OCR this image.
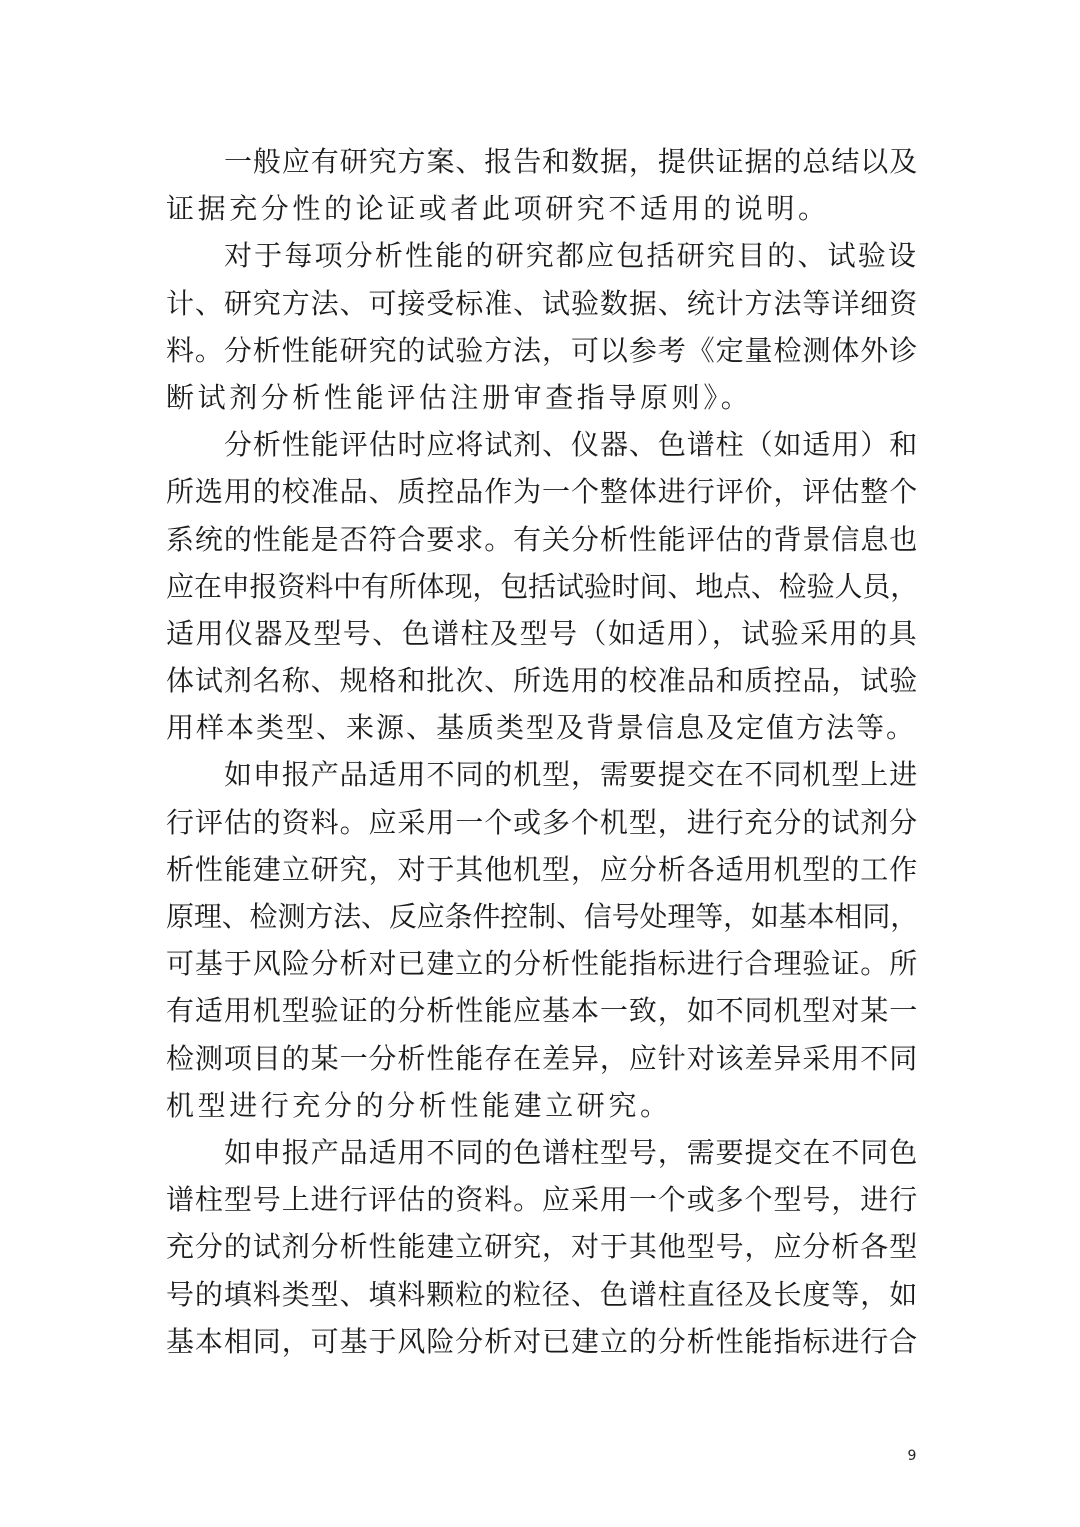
一般应有研究方案、报告和数据，提供证据的总结以及
证据充分性的论证或者此项研究不适用的说明。
对于每项分析性能的研究都应包括研究目的、试验设
计、研究方法、可接受标准、试验数据、统计方法等详细资
料。分析性能研究的试验方法，可以参考《定量检测体外诊
断试剂分析性能评估注册审查指导原则》。
分析性能评估时应将试剂、仪器、色谱柱（如适用）和
所选用的校准品、质控品作为一个整体进行评价，评估整个
系统的性能是否符合要求。有关分析性能评估的背景信息也
应在申报资料中有所体现，包括试验时间、地点、检验人员，
适用仪器及型号、色谱柱及型号（如适用），试验采用的具
体试剂名称、规格和批次、所选用的校准品和质控品，试验
用样本类型、来源、基质类型及背景信息及定值方法等。
如申报产品适用不同的机型，需要提交在不同机型上进
行评估的资料。应采用一个或多个机型，进行充分的试剂分
析性能建立研究，对于其他机型，应分析各适用机型的工作
原理、检测方法、反应条件控制、信号处理等，如基本相同，
可基于风险分析对已建立的分析性能指标进行合理验证。所
有适用机型验证的分析性能应基本一致，如不同机型对某一
检测项目的某一分析性能存在差异，应针对该差异采用不同
机型进行充分的分析性能建立研究。
如申报产品适用不同的色谱柱型号，需要提交在不同色
谱柱型号上进行评估的资料。应采用一个或多个型号，进行
充分的试剂分析性能建立研究，对于其他型号，应分析各型
号的填料类型、填料颗粒的粒径、色谱柱直径及长度等，如
基本相同，可基于风险分析对已建立的分析性能指标进行合
9
